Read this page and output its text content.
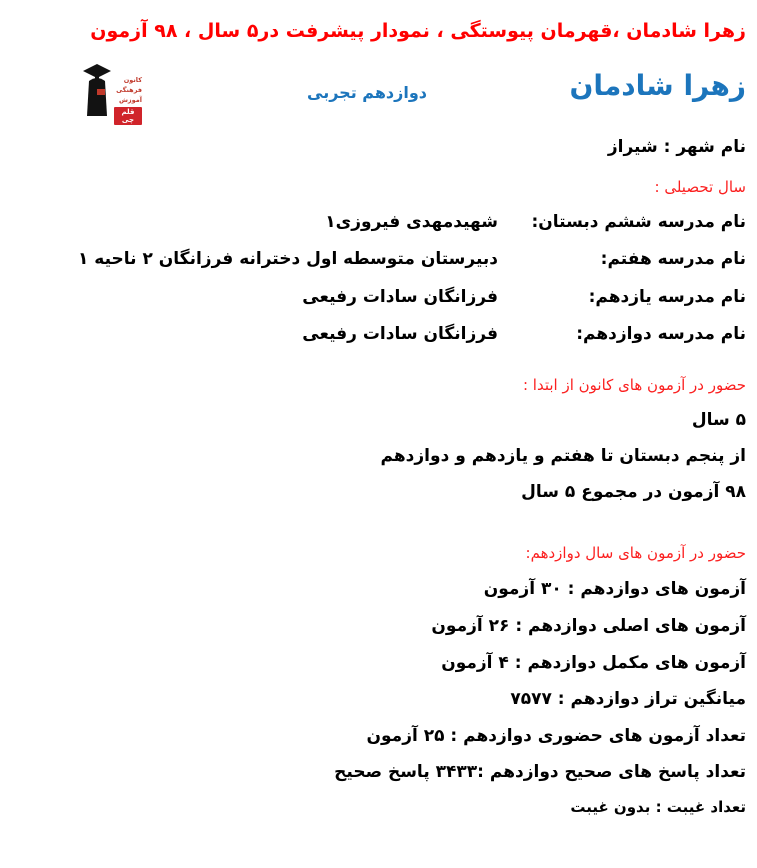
زهرا شادمان ،قهرمان پیوستگی ، نمودار پیشرفت در۵ سال ، ۹۸ آزمون
کانون
فرهنگی
آموزش
قلم چی
زهرا شادمان
دوازدهم تجربی
نام شهر : شیراز
سال تحصیلی :
نام مدرسه ششم دبستان:
شهیدمهدی فیروزی۱
نام مدرسه هفتم:
دبیرستان متوسطه اول دخترانه فرزانگان ۲ ناحیه ۱
نام مدرسه یازدهم:
فرزانگان سادات رفیعی
نام مدرسه دوازدهم:
فرزانگان سادات رفیعی
حضور در آزمون های کانون از ابتدا :
۵ سال
از پنجم دبستان تا هفتم و یازدهم و دوازدهم
۹۸ آزمون در مجموع ۵ سال
حضور در آزمون های سال دوازدهم:
آزمون های دوازدهم : ۳۰ آزمون
آزمون های اصلی دوازدهم : ۲۶ آزمون
آزمون های مکمل دوازدهم : ۴ آزمون
میانگین تراز دوازدهم : ۷۵۷۷
تعداد آزمون های حضوری دوازدهم : ۲۵ آزمون
تعداد پاسخ های صحیح دوازدهم :۳۴۳۳ پاسخ صحیح
تعداد غیبت : بدون غیبت
